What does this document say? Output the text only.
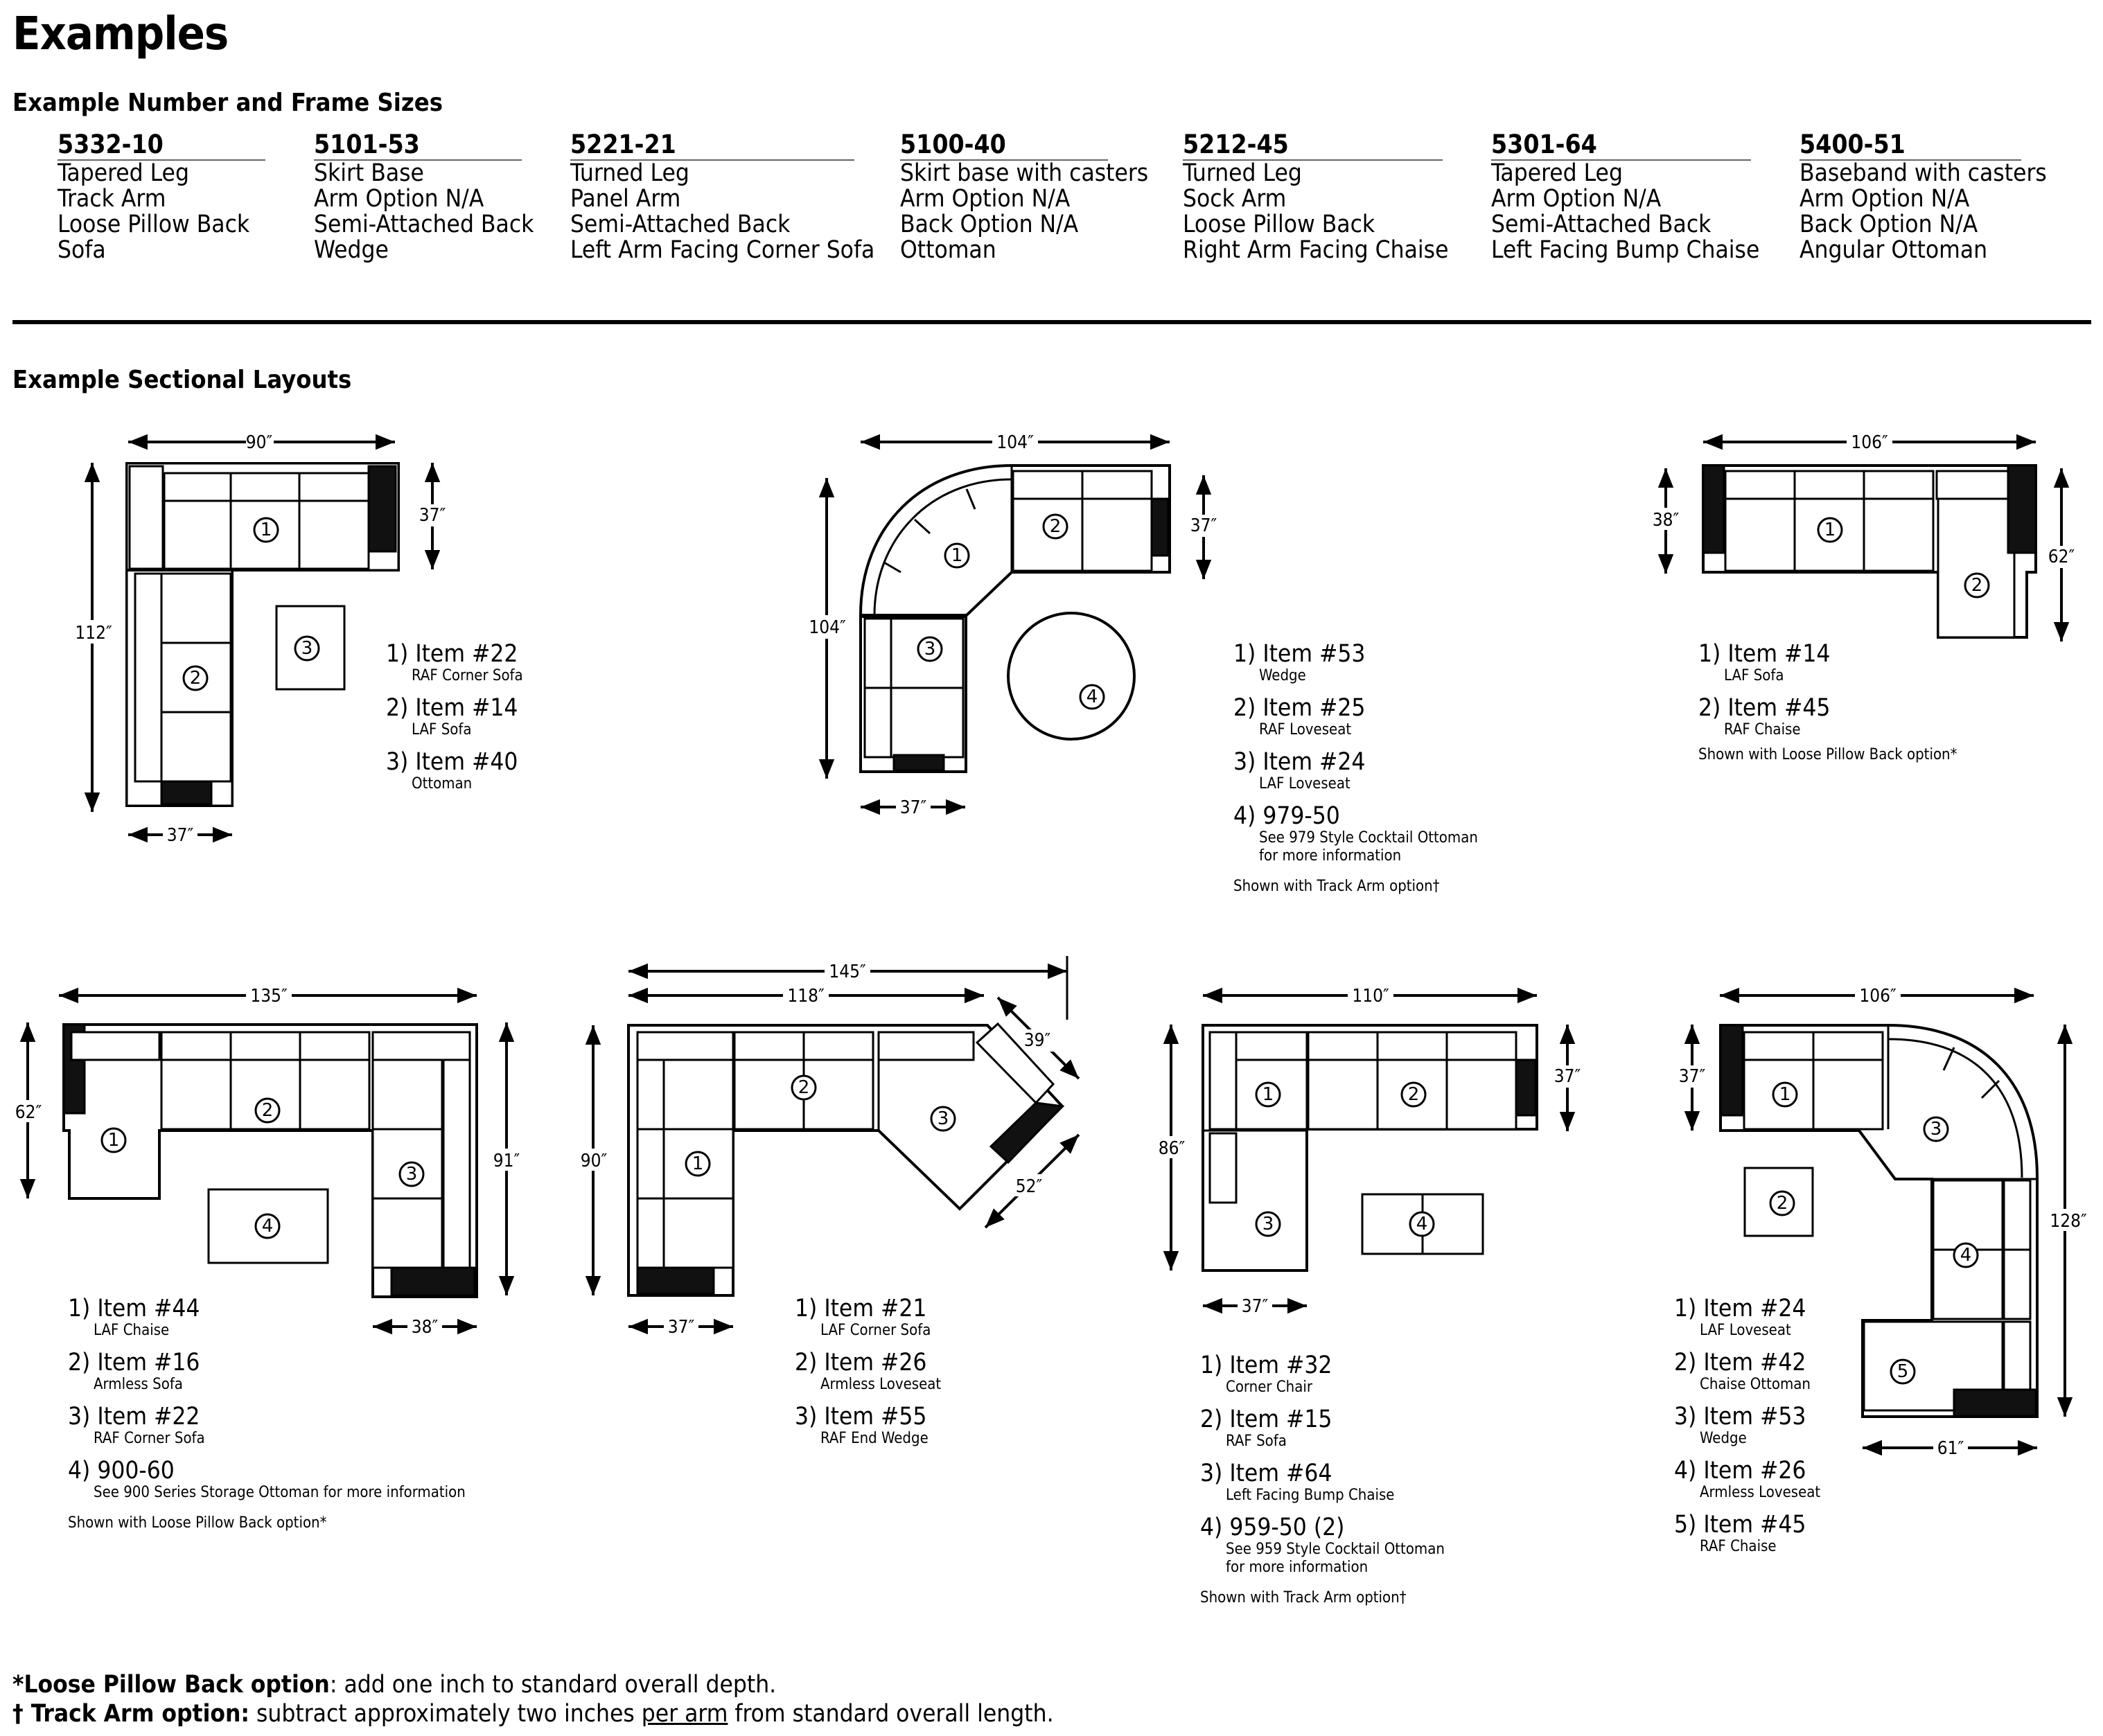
Examples
Example Number and Frame Sizes
5332-10
Tapered Leg
Track Arm
Loose Pillow Back
Sofa
5101-53
Skirt Base
Arm Option N/A
Semi-Attached Back
Wedge
5221-21
Turned Leg
Panel Arm
Semi-Attached Back
Left Arm Facing Corner Sofa
5100-40
Skirt base with casters
Arm Option N/A
Back Option N/A
Ottoman
5212-45
Turned Leg
Sock Arm
Loose Pillow Back
Right Arm Facing Chaise
5301-64
Tapered Leg
Arm Option N/A
Semi-Attached Back
Left Facing Bump Chaise
5400-51
Baseband with casters
Arm Option N/A
Back Option N/A
Angular Ottoman
Example Sectional Layouts
90″
112″
37″
37″
104″
104″
37″
37″
106″
38″
62″
135″
62″
91″
38″
145″
118″
90″
39″
52″
37″
110″
86″
37″
37″
106″
37″
128″
61″
1
2
3
1
2
3
4
1
2
1
2
3
4
1
2
3
1	2
3	4
1
2
3
4
5
1) Item #22
RAF Corner Sofa
2) Item #14
LAF Sofa
3) Item #40
Ottoman
1) Item #53
Wedge
2) Item #25
RAF Loveseat
3) Item #24
LAF Loveseat
4) 979-50
See 979 Style Cocktail Ottoman
for more information
Shown with Track Arm option†
1) Item #14
LAF Sofa
2) Item #45
RAF Chaise
Shown with Loose Pillow Back option*
1) Item #44
LAF Chaise
2) Item #16
Armless Sofa
3) Item #22
RAF Corner Sofa
4) 900-60
See 900 Series Storage Ottoman for more information
Shown with Loose Pillow Back option*
1) Item #21
LAF Corner Sofa
2) Item #26
Armless Loveseat
3) Item #55
RAF End Wedge
1) Item #32
Corner Chair
2) Item #15
RAF Sofa
3) Item #64
Left Facing Bump Chaise
4) 959-50 (2)
See 959 Style Cocktail Ottoman
for more information
Shown with Track Arm option†
1) Item #24
LAF Loveseat
2) Item #42
Chaise Ottoman
3) Item #53
Wedge
4) Item #26
Armless Loveseat
5) Item #45
RAF Chaise
*Loose Pillow Back option: add one inch to standard overall depth.
† Track Arm option: subtract approximately two inches per arm from standard overall length.
